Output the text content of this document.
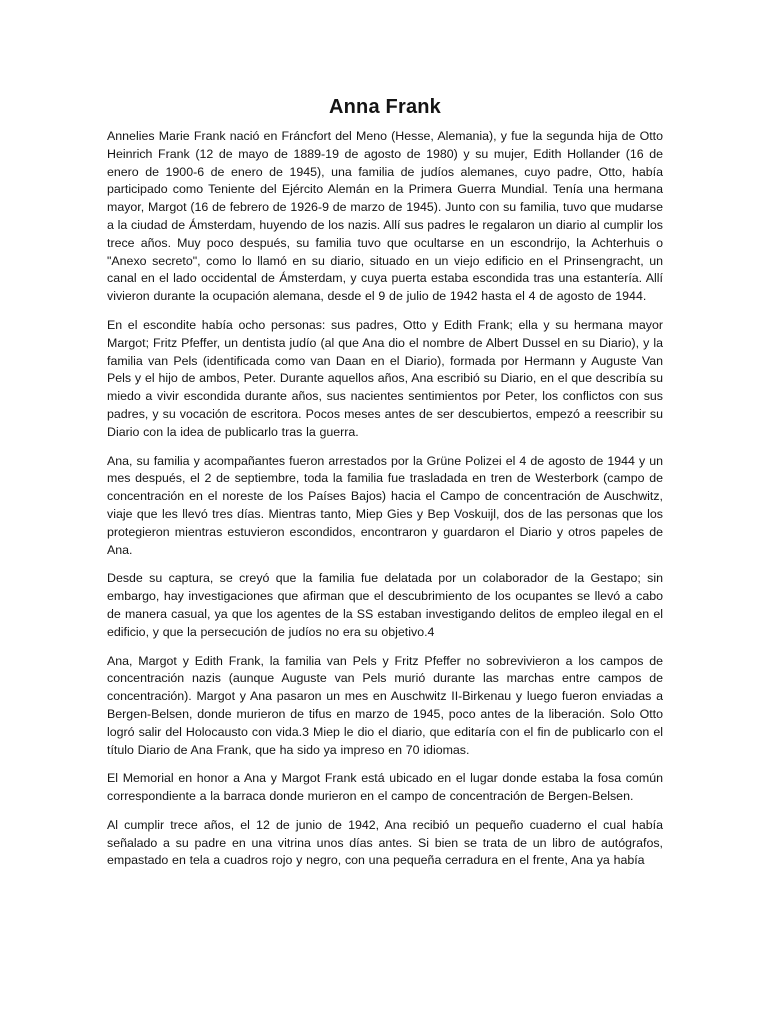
Anna Frank

Annelies Marie Frank nació en Fráncfort del Meno (Hesse, Alemania), y fue la segunda hija de Otto Heinrich Frank (12 de mayo de 1889-19 de agosto de 1980) y su mujer, Edith Hollander (16 de enero de 1900-6 de enero de 1945), una familia de judíos alemanes, cuyo padre, Otto, había participado como Teniente del Ejército Alemán en la Primera Guerra Mundial. Tenía una hermana mayor, Margot (16 de febrero de 1926-9 de marzo de 1945). Junto con su familia, tuvo que mudarse a la ciudad de Ámsterdam, huyendo de los nazis. Allí sus padres le regalaron un diario al cumplir los trece años. Muy poco después, su familia tuvo que ocultarse en un escondrijo, la Achterhuis o "Anexo secreto", como lo llamó en su diario, situado en un viejo edificio en el Prinsengracht, un canal en el lado occidental de Ámsterdam, y cuya puerta estaba escondida tras una estantería. Allí vivieron durante la ocupación alemana, desde el 9 de julio de 1942 hasta el 4 de agosto de 1944.

En el escondite había ocho personas: sus padres, Otto y Edith Frank; ella y su hermana mayor Margot; Fritz Pfeffer, un dentista judío (al que Ana dio el nombre de Albert Dussel en su Diario), y la familia van Pels (identificada como van Daan en el Diario), formada por Hermann y Auguste Van Pels y el hijo de ambos, Peter. Durante aquellos años, Ana escribió su Diario, en el que describía su miedo a vivir escondida durante años, sus nacientes sentimientos por Peter, los conflictos con sus padres, y su vocación de escritora. Pocos meses antes de ser descubiertos, empezó a reescribir su Diario con la idea de publicarlo tras la guerra.

Ana, su familia y acompañantes fueron arrestados por la Grüne Polizei el 4 de agosto de 1944 y un mes después, el 2 de septiembre, toda la familia fue trasladada en tren de Westerbork (campo de concentración en el noreste de los Países Bajos) hacia el Campo de concentración de Auschwitz, viaje que les llevó tres días. Mientras tanto, Miep Gies y Bep Voskuijl, dos de las personas que los protegieron mientras estuvieron escondidos, encontraron y guardaron el Diario y otros papeles de Ana.

Desde su captura, se creyó que la familia fue delatada por un colaborador de la Gestapo; sin embargo, hay investigaciones que afirman que el descubrimiento de los ocupantes se llevó a cabo de manera casual, ya que los agentes de la SS estaban investigando delitos de empleo ilegal en el edificio, y que la persecución de judíos no era su objetivo.4

Ana, Margot y Edith Frank, la familia van Pels y Fritz Pfeffer no sobrevivieron a los campos de concentración nazis (aunque Auguste van Pels murió durante las marchas entre campos de concentración). Margot y Ana pasaron un mes en Auschwitz II-Birkenau y luego fueron enviadas a Bergen-Belsen, donde murieron de tifus en marzo de 1945, poco antes de la liberación. Solo Otto logró salir del Holocausto con vida.3 Miep le dio el diario, que editaría con el fin de publicarlo con el título Diario de Ana Frank, que ha sido ya impreso en 70 idiomas.

El Memorial en honor a Ana y Margot Frank está ubicado en el lugar donde estaba la fosa común correspondiente a la barraca donde murieron en el campo de concentración de Bergen-Belsen.

Al cumplir trece años, el 12 de junio de 1942, Ana recibió un pequeño cuaderno el cual había señalado a su padre en una vitrina unos días antes. Si bien se trata de un libro de autógrafos, empastado en tela a cuadros rojo y negro, con una pequeña cerradura en el frente, Ana ya había
